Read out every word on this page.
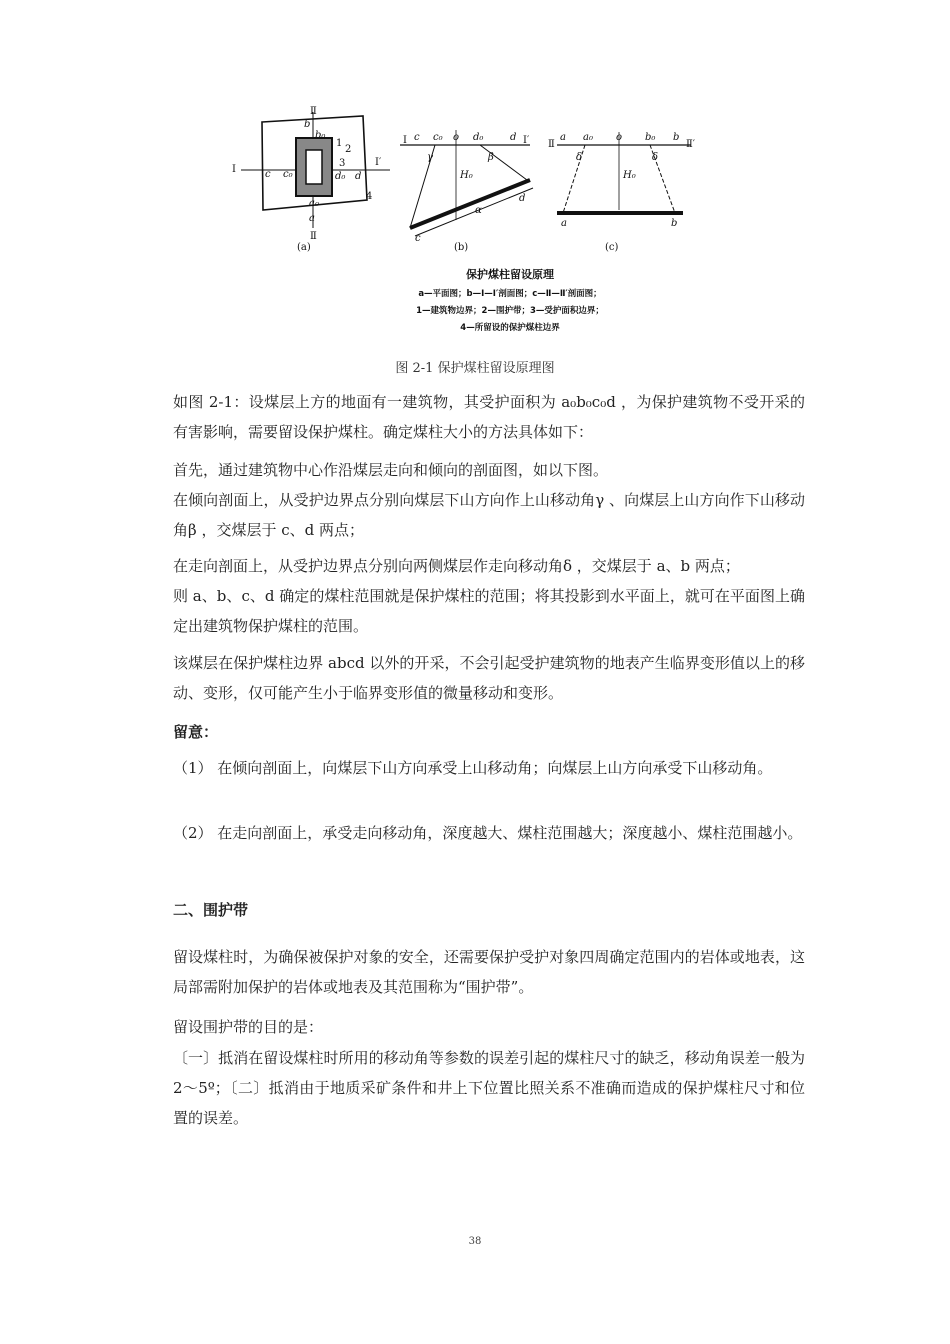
I
I′
Ⅱ
Ⅱ
b
b₀
c₀
c	d₀ d
a₀
a
1
2
3
4
(a)
I	I′
c c₀ o d₀	d
γ	β
H₀
α
c
d
(b)
Ⅱ	Ⅱ′
a a₀ o b₀ b
δ	δ
H₀
a	b
(c)
保护煤柱留设原理
a—平面图；b—Ⅰ—Ⅰ′剖面图；c—Ⅱ—Ⅱ′剖面图；
1—建筑物边界；2—围护带；3—受护面积边界；
4—所留设的保护煤柱边界
图 2-1 保护煤柱留设原理图
如图 2-1：设煤层上方的地面有一建筑物，其受护面积为 a₀b₀c₀d ，为保护建筑物不受开采的有害影响，需要留设保护煤柱。确定煤柱大小的方法具体如下：
首先，通过建筑物中心作沿煤层走向和倾向的剖面图，如以下图。
在倾向剖面上，从受护边界点分别向煤层下山方向作上山移动角γ 、向煤层上山方向作下山移动角β ，交煤层于 c、d 两点；
在走向剖面上，从受护边界点分别向两侧煤层作走向移动角δ ，交煤层于 a、b 两点；
则 a、b、c、d 确定的煤柱范围就是保护煤柱的范围；将其投影到水平面上，就可在平面图上确定出建筑物保护煤柱的范围。
该煤层在保护煤柱边界 abcd 以外的开采，不会引起受护建筑物的地表产生临界变形值以上的移动、变形，仅可能产生小于临界变形值的微量移动和变形。
留意：
（1） 在倾向剖面上，向煤层下山方向承受上山移动角；向煤层上山方向承受下山移动角。
（2） 在走向剖面上，承受走向移动角，深度越大、煤柱范围越大；深度越小、煤柱范围越小。
二、围护带
留设煤柱时，为确保被保护对象的安全，还需要保护受护对象四周确定范围内的岩体或地表，这局部需附加保护的岩体或地表及其范围称为“围护带”。
留设围护带的目的是：
〔一〕抵消在留设煤柱时所用的移动角等参数的误差引起的煤柱尺寸的缺乏，移动角误差一般为 2～5º；〔二〕抵消由于地质采矿条件和井上下位置比照关系不准确而造成的保护煤柱尺寸和位置的误差。
38
